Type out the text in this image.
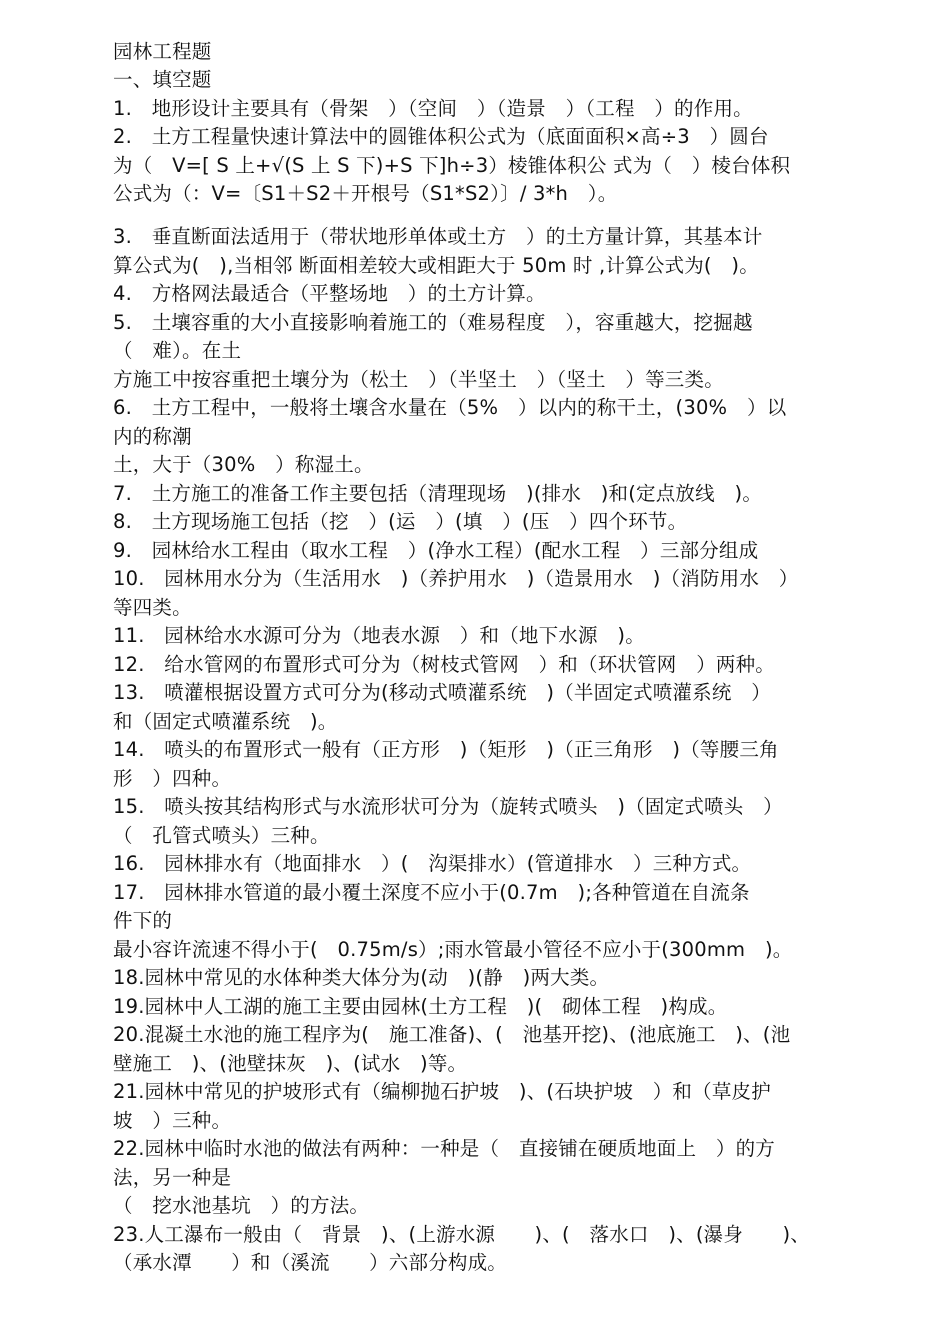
园林工程题
一、填空题
1.　地形设计主要具有（骨架　）（空间　）（造景　）（工程　）的作用。
2.　土方工程量快速计算法中的圆锥体积公式为（底面面积×高÷3　）圆台
为（　V=[ S 上+√(S 上 S 下)+S 下]h÷3）棱锥体积公 式为（　）棱台体积
公式为（：V=〔S1＋S2＋开根号（S1*S2）〕/ 3*h　）。
3.　垂直断面法适用于（带状地形单体或土方　）的土方量计算，其基本计
算公式为(　),当相邻 断面相差较大或相距大于 50m 时 ,计算公式为(　)。
4.　方格网法最适合（平整场地　）的土方计算。
5.　土壤容重的大小直接影响着施工的（难易程度　），容重越大，挖掘越
（　难）。在土
方施工中按容重把土壤分为（松土　）（半坚土　）（坚土　）等三类。
6.　土方工程中，一般将土壤含水量在（5%　）以内的称干土，(30%　）以
内的称潮
土，大于（30%　）称湿土。
7.　土方施工的准备工作主要包括（清理现场　)(排水　)和(定点放线　)。
8.　土方现场施工包括（挖　）(运　）(填　）(压　）四个环节。
9.　园林给水工程由（取水工程　）(净水工程）(配水工程　）三部分组成
10.　园林用水分为（生活用水　)（养护用水　)（造景用水　)（消防用水　）
等四类。
11.　园林给水水源可分为（地表水源　）和（地下水源　)。
12.　给水管网的布置形式可分为（树枝式管网　）和（环状管网　）两种。
13.　喷灌根据设置方式可分为(移动式喷灌系统　)（半固定式喷灌系统　）
和（固定式喷灌系统　)。
14.　喷头的布置形式一般有（正方形　)（矩形　)（正三角形　)（等腰三角
形　）四种。
15.　喷头按其结构形式与水流形状可分为（旋转式喷头　)（固定式喷头　）
（　孔管式喷头）三种。
16.　园林排水有（地面排水　）(　沟渠排水）(管道排水　）三种方式。
17.　园林排水管道的最小覆土深度不应小于(0.7m　);各种管道在自流条
件下的
最小容许流速不得小于(　0.75m/s）;雨水管最小管径不应小于(300mm　)。
18.园林中常见的水体种类大体分为(动　)(静　)两大类。
19.园林中人工湖的施工主要由园林(土方工程　)(　砌体工程　)构成。
20.混凝土水池的施工程序为(　施工准备)、(　池基开挖)、(池底施工　)、(池
壁施工　)、(池壁抹灰　)、(试水　)等。
21.园林中常见的护坡形式有（编柳抛石护坡　)、(石块护坡　）和（草皮护
坡　）三种。
22.园林中临时水池的做法有两种：一种是（　直接铺在硬质地面上　）的方
法，另一种是
（　挖水池基坑　）的方法。
23.人工瀑布一般由（　背景　)、(上游水源　　)、(　落水口　)、(瀑身　　)、
（承水潭　　）和（溪流　　）六部分构成。
